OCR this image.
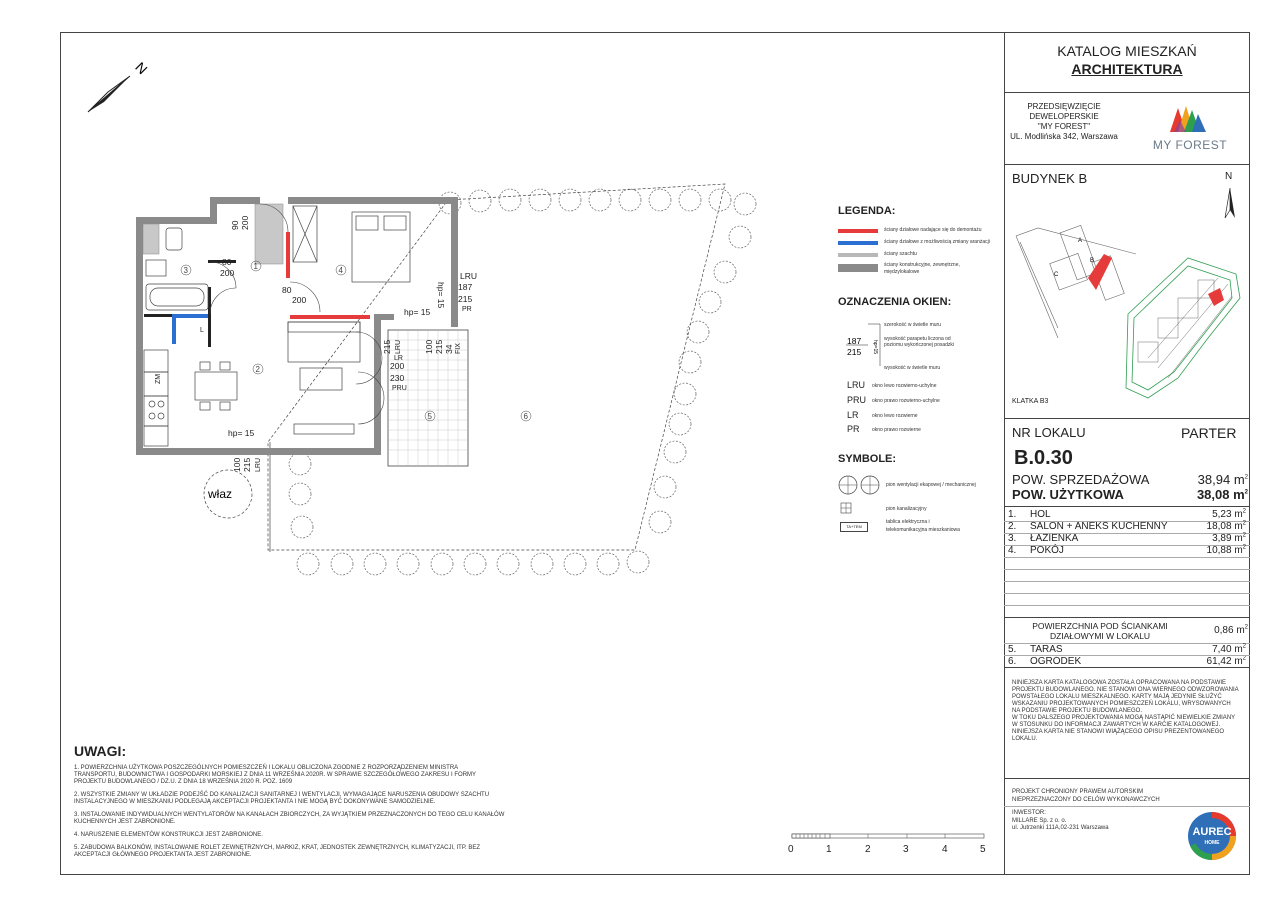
N
właz
1
2
3	4
5	6
90 200
80
200
80
200
LRU
187
215
PR
hp= 15
hp= 15
215 LRU	215
100	FIX
34
LR
200
230
PRU
hp= 15
100 215 LRU
ZM
L
LEGENDA:
ściany działowe nadające się do demontażu
ściany działowe z możliwością zmiany aranżacji
ściany szachtu
ściany konstrukcyjne, zewnętrzne,
międzylokalowe
OZNACZENIA OKIEN:
187
215 hp=15
szerokość w świetle muru
wysokość parapetu liczona od
poziomu wykończonej posadzki
wysokość w świetle muru
LRU okno lewo rozwierno-uchylne
PRU okno prawo rozwierno-uchylne
LR	okno lewo rozwierne
PR okno prawo rozwierne
SYMBOLE:
pion wentylacji ekapowej / mechanicznej
pion kanalizacyjny
TA+TEM
tablica elektryczna i
telekomunikacyjna mieszkaniowa
UWAGI:
1. POWIERZCHNIA UŻYTKOWA POSZCZEGÓLNYCH POMIESZCZEŃ I LOKALU OBLICZONA ZGODNIE Z ROZPORZĄDZENIEM MINISTRA
TRANSPORTU, BUDOWNICTWA I GOSPODARKI MORSKIEJ Z DNIA 11 WRZEŚNIA 2020R. W SPRAWIE SZCZEGÓŁOWEGO ZAKRESU I FORMY
PROJEKTU BUDOWLANEGO / DZ.U. Z DNIA 18 WRZEŚNIA 2020 R. POZ. 1609
2. WSZYSTKIE ZMIANY W UKŁADZIE PODEJŚĆ DO KANALIZACJI SANITARNEJ I WENTYLACJI, WYMAGAJĄCE NARUSZENIA OBUDOWY SZACHTU
INSTALACYJNEGO W MIESZKANIU PODLEGAJĄ AKCEPTACJI PROJEKTANTA I NIE MOGĄ BYĆ DOKONYWANE SAMODZIELNIE.
3. INSTALOWANIE INDYWIDUALNYCH WENTYLATORÓW NA KANAŁACH ZBIORCZYCH, ZA WYJĄTKIEM PRZEZNACZONYCH DO TEGO CELU KANAŁÓW
KUCHENNYCH JEST ZABRONIONE.
4. NARUSZENIE ELEMENTÓW KONSTRUKCJI JEST ZABRONIONE.
5. ZABUDOWA BALKONÓW, INSTALOWANIE ROLET ZEWNĘTRZNYCH, MARKIZ, KRAT, JEDNOSTEK ZEWNĘTRZNYCH, KLIMATYZACJI, ITP. BEZ
AKCEPTACJI GŁÓWNEGO PROJEKTANTA JEST ZABRONIONE.	0	1	2	3	4	5
KATALOG MIESZKAŃ
ARCHITEKTURA
PRZEDSIĘWZIĘCIE
DEWELOPERSKIE
"MY FOREST"
UL. Modlińska 342, Warszawa
MY FOREST
BUDYNEK B	N
A
B
C
KLATKA B3
NR LOKALU	PARTER
B.0.30
POW. SPRZEDAŻOWA	38,94 $m^2$
POW. UŻYTKOWA	38,08 $m^2$
1. HOL	5,23 $m^2$
2. SALON + ANEKS KUCHENNY	18,08 $m^2$
3. ŁAZIENKA	3,89 $m^2$
4. POKÓJ	10,88 $m^2$
POWIERZCHNIA POD ŚCIANKAMI
DZIAŁOWYMI W LOKALU	0,86 $m^2$
5. TARAS	7,40 $m^2$
6. OGRÓDEK	61,42 $m^2$
NINIEJSZA KARTA KATALOGOWA ZOSTAŁA OPRACOWANA NA PODSTAWIE
PROJEKTU BUDOWLANEGO. NIE STANOWI ONA WIERNEGO ODWZOROWANIA
POWSTAŁEGO LOKALU MIESZKALNEGO. KARTY MAJĄ JEDYNIE SŁUŻYĆ
WSKAZANIU PROJEKTOWANYCH POMIESZCZEŃ LOKALU, WRYSOWANYCH
NA PODSTAWIE PROJEKTU BUDOWLANEGO.
W TOKU DALSZEGO PROJEKTOWANIA MOGĄ NASTĄPIĆ NIEWIELKIE ZMIANY
W STOSUNKU DO INFORMACJI ZAWARTYCH W KARCIE KATALOGOWEJ.
NINIEJSZA KARTA NIE STANOWI WIĄŻĄCEGO OPISU PREZENTOWANEGO
LOKALU.
PROJEKT CHRONIONY PRAWEM AUTORSKIM
NIEPRZEZNACZONY DO CELÓW WYKONAWCZYCH
INWESTOR:
MILLARE Sp. z o. o.
ul. Jutrzenki 111A,02-231 Warszawa	AUREC
HOME
